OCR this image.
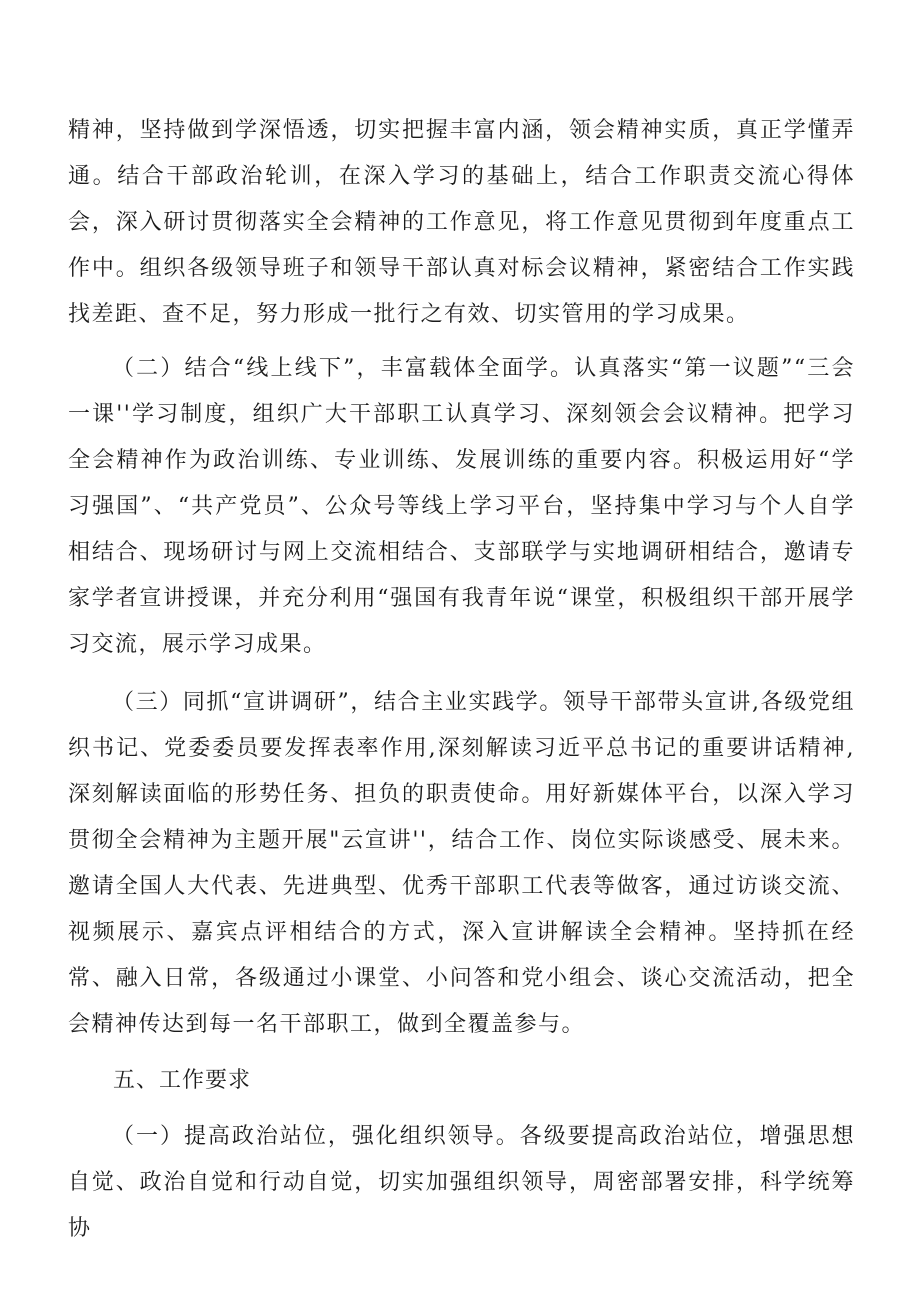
精神，坚持做到学深悟透，切实把握丰富内涵，领会精神实质，真正学懂弄通。结合干部政治轮训，在深入学习的基础上，结合工作职责交流心得体会，深入研讨贯彻落实全会精神的工作意见，将工作意见贯彻到年度重点工作中。组织各级领导班子和领导干部认真对标会议精神，紧密结合工作实践找差距、查不足，努力形成一批行之有效、切实管用的学习成果。

（二）结合“线上线下”，丰富载体全面学。认真落实“第一议题”“三会一课''学习制度，组织广大干部职工认真学习、深刻领会会议精神。把学习全会精神作为政治训练、专业训练、发展训练的重要内容。积极运用好“学习强国”、“共产党员”、公众号等线上学习平台，坚持集中学习与个人自学相结合、现场研讨与网上交流相结合、支部联学与实地调研相结合，邀请专家学者宣讲授课，并充分利用“强国有我青年说“课堂，积极组织干部开展学习交流，展示学习成果。

（三）同抓“宣讲调研”，结合主业实践学。领导干部带头宣讲,各级党组织书记、党委委员要发挥表率作用,深刻解读习近平总书记的重要讲话精神,深刻解读面临的形势任务、担负的职责使命。用好新媒体平台，以深入学习贯彻全会精神为主题开展"云宣讲''，结合工作、岗位实际谈感受、展未来。邀请全国人大代表、先进典型、优秀干部职工代表等做客，通过访谈交流、视频展示、嘉宾点评相结合的方式，深入宣讲解读全会精神。坚持抓在经常、融入日常，各级通过小课堂、小问答和党小组会、谈心交流活动，把全会精神传达到每一名干部职工，做到全覆盖参与。

五、工作要求

（一）提高政治站位，强化组织领导。各级要提高政治站位，增强思想自觉、政治自觉和行动自觉，切实加强组织领导，周密部署安排，科学统筹协
